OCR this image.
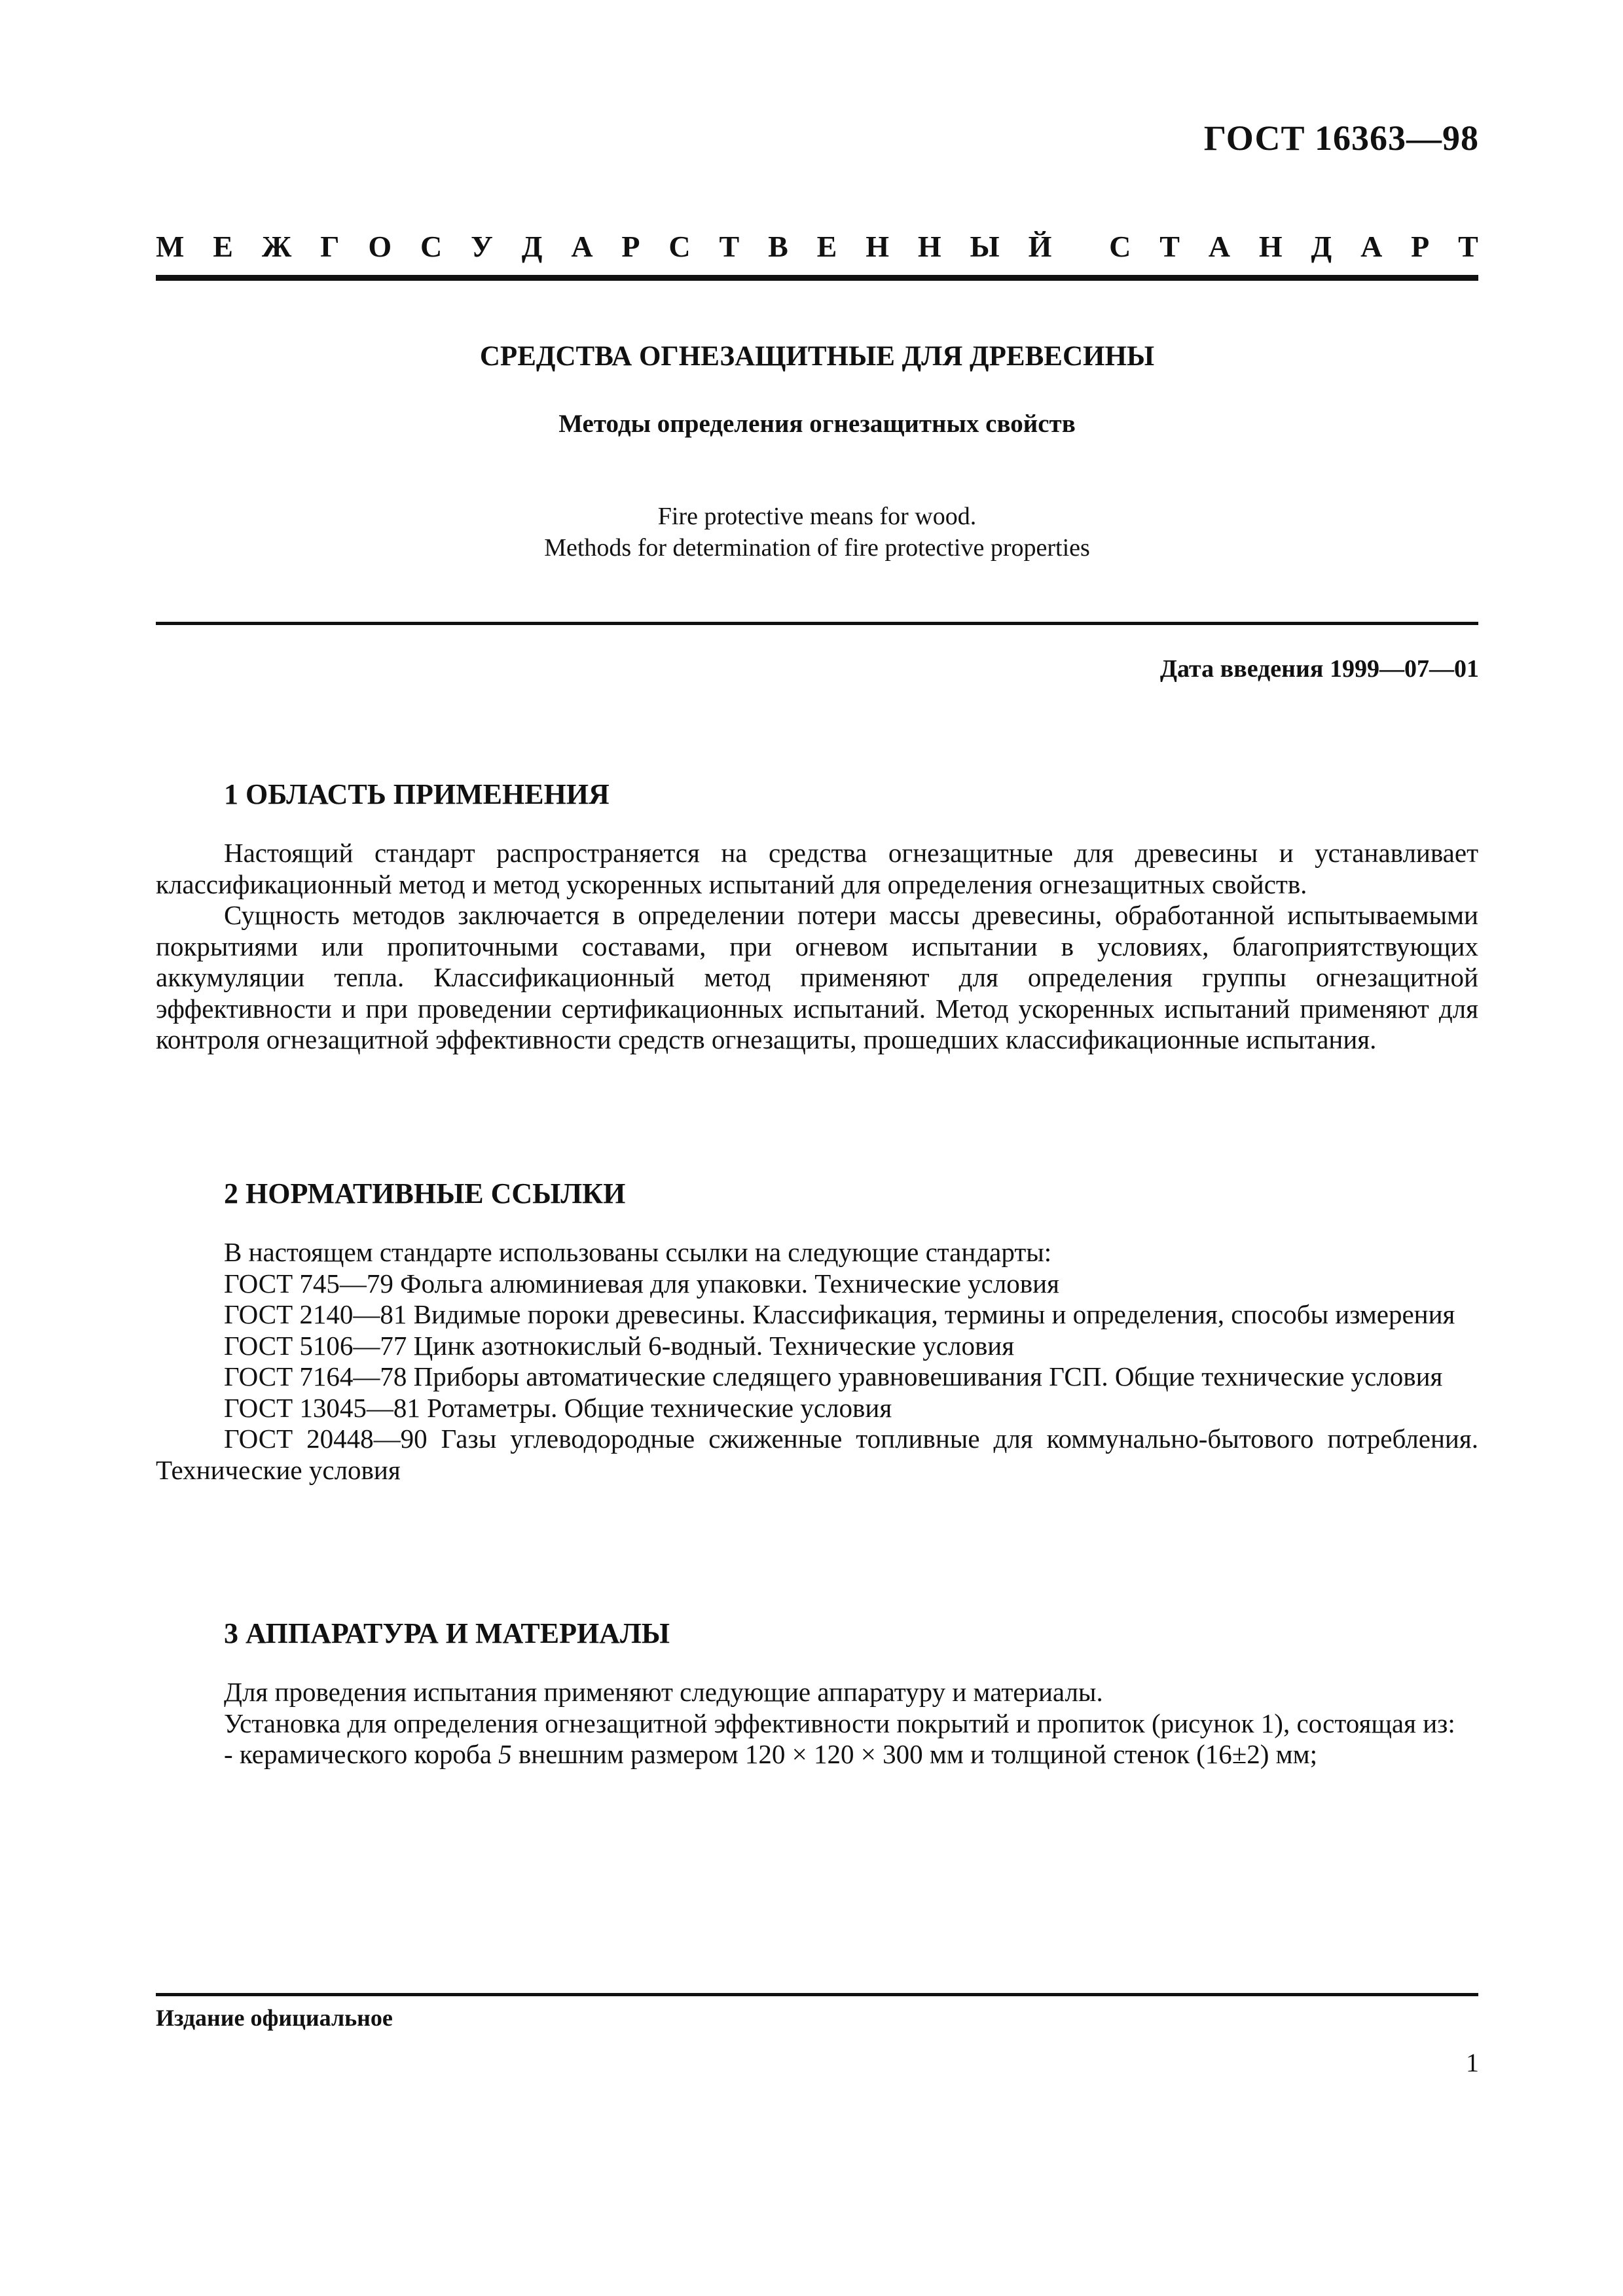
ГОСТ 16363—98
М Е Ж Г О С У Д А Р С Т В Е Н Н Ы Й С Т А Н Д А Р Т
СРЕДСТВА ОГНЕЗАЩИТНЫЕ ДЛЯ ДРЕВЕСИНЫ
Методы определения огнезащитных свойств
Fire protective means for wood.
Methods for determination of fire protective properties
Дата введения 1999—07—01
1 ОБЛАСТЬ ПРИМЕНЕНИЯ

Настоящий стандарт распространяется на средства огнезащитные для древесины и устанавливает классификационный метод и метод ускоренных испытаний для определения огнезащитных свойств.

Сущность методов заключается в определении потери массы древесины, обработанной испытываемыми покрытиями или пропиточными составами, при огневом испытании в условиях, благоприятствующих аккумуляции тепла. Классификационный метод применяют для определения группы огнезащитной эффективности и при проведении сертификационных испытаний. Метод ускоренных испытаний применяют для контроля огнезащитной эффективности средств огнезащиты, прошедших классификационные испытания.

2 НОРМАТИВНЫЕ ССЫЛКИ

В настоящем стандарте использованы ссылки на следующие стандарты:

ГОСТ 745—79 Фольга алюминиевая для упаковки. Технические условия

ГОСТ 2140—81 Видимые пороки древесины. Классификация, термины и определения, способы измерения

ГОСТ 5106—77 Цинк азотнокислый 6-водный. Технические условия

ГОСТ 7164—78 Приборы автоматические следящего уравновешивания ГСП. Общие технические условия

ГОСТ 13045—81 Ротаметры. Общие технические условия

ГОСТ 20448—90 Газы углеводородные сжиженные топливные для коммунально-бытового потребления. Технические условия

3 АППАРАТУРА И МАТЕРИАЛЫ

Для проведения испытания применяют следующие аппаратуру и материалы.

Установка для определения огнезащитной эффективности покрытий и пропиток (рисунок 1), состоящая из:

- керамического короба 5 внешним размером 120 × 120 × 300 мм и толщиной стенок (16±2) мм;

Издание официальное
1
